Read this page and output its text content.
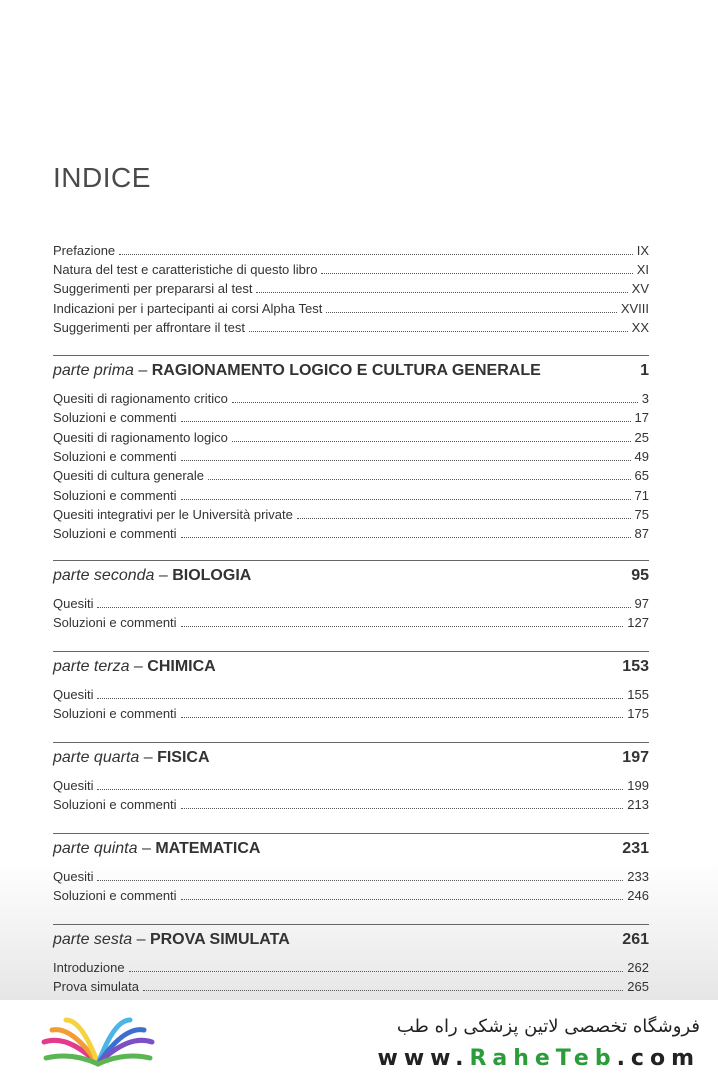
INDICE
Prefazione	IX
Natura del test e caratteristiche di questo libro	XI
Suggerimenti per prepararsi al test	XV
Indicazioni per i partecipanti ai corsi Alpha Test	XVIII
Suggerimenti per affrontare il test	XX
parte prima – RAGIONAMENTO LOGICO E CULTURA GENERALE	1
Quesiti di ragionamento critico	3
Soluzioni e commenti	17
Quesiti di ragionamento logico	25
Soluzioni e commenti	49
Quesiti di cultura generale	65
Soluzioni e commenti	71
Quesiti integrativi per le Università private	75
Soluzioni e commenti	87
parte seconda – BIOLOGIA	95
Quesiti	97
Soluzioni e commenti	127
parte terza – CHIMICA	153
Quesiti	155
Soluzioni e commenti	175
parte quarta – FISICA	197
Quesiti	199
Soluzioni e commenti	213
parte quinta – MATEMATICA	231
Quesiti	233
Soluzioni e commenti	246
parte sesta – PROVA SIMULATA	261
Introduzione	262
Prova simulata	265
فروشگاه تخصصی لاتین پزشکی راه طب
www.RaheTeb.com
